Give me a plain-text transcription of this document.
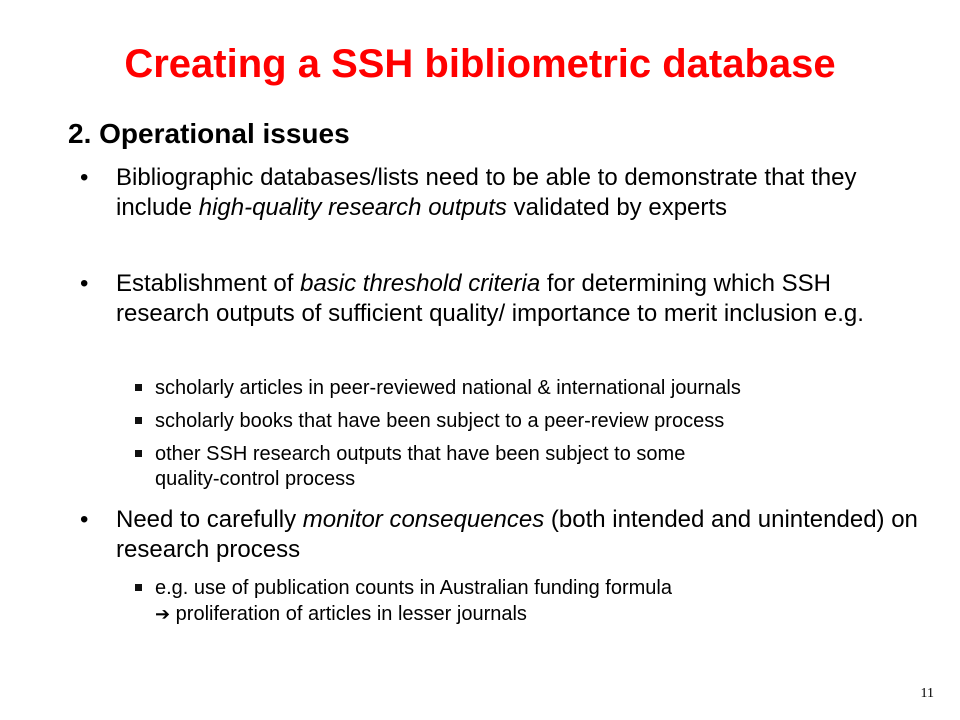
Creating a SSH bibliometric database
2. Operational issues
• Bibliographic databases/lists need to be able to demonstrate that they include high-quality research outputs validated by experts
• Establishment of basic threshold criteria for determining which SSH research outputs of sufficient quality/ importance to merit inclusion e.g.
scholarly articles in peer-reviewed national & international journals
scholarly books that have been subject to a peer-review process
other SSH research outputs that have been subject to some
quality-control process
• Need to carefully monitor consequences (both intended and unintended) on research process
e.g. use of publication counts in Australian funding formula
➔ proliferation of articles in lesser journals
11
